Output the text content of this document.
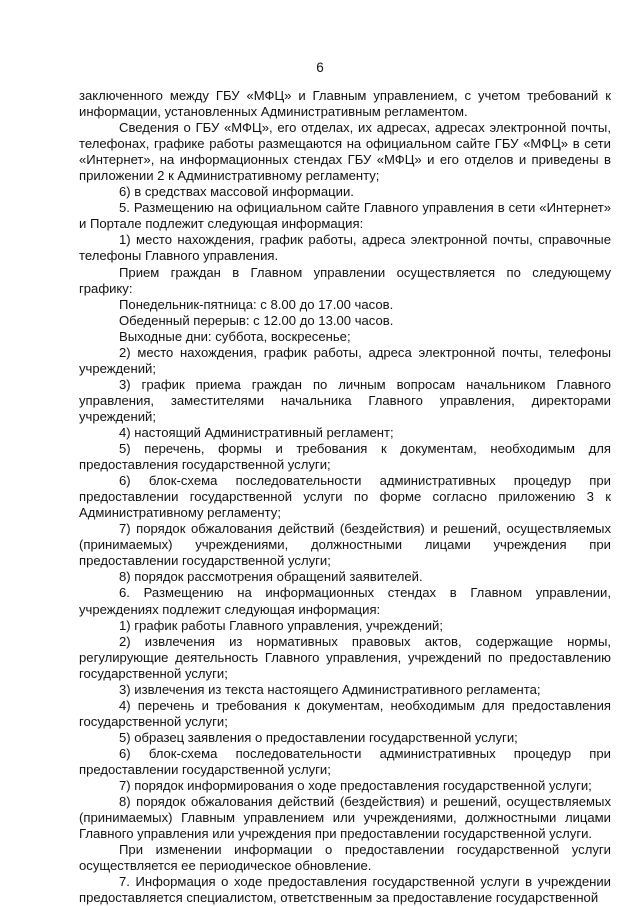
6

заключенного между ГБУ «МФЦ» и Главным управлением, с учетом требований к информации, установленных Административным регламентом.

Сведения о ГБУ «МФЦ», его отделах, их адресах, адресах электронной почты, телефонах, графике работы размещаются на официальном сайте ГБУ «МФЦ» в сети «Интернет», на информационных стендах ГБУ «МФЦ» и его отделов и приведены в приложении 2 к Административному регламенту;

6) в средствах массовой информации.

5. Размещению на официальном сайте Главного управления в сети «Интернет» и Портале подлежит следующая информация:

1) место нахождения, график работы, адреса электронной почты, справочные телефоны Главного управления.

Прием граждан в Главном управлении осуществляется по следующему графику:

Понедельник-пятница: с 8.00 до 17.00 часов.

Обеденный перерыв: с 12.00 до 13.00 часов.

Выходные дни: суббота, воскресенье;

2) место нахождения, график работы, адреса электронной почты, телефоны учреждений;

3) график приема граждан по личным вопросам начальником Главного управления, заместителями начальника Главного управления, директорами учреждений;

4) настоящий Административный регламент;

5) перечень, формы и требования к документам, необходимым для предоставления государственной услуги;

6) блок-схема последовательности административных процедур при предоставлении государственной услуги по форме согласно приложению 3 к Административному регламенту;

7) порядок обжалования действий (бездействия) и решений, осуществляемых (принимаемых) учреждениями, должностными лицами учреждения при предоставлении государственной услуги;

8) порядок рассмотрения обращений заявителей.

6. Размещению на информационных стендах в Главном управлении, учреждениях подлежит следующая информация:

1) график работы Главного управления, учреждений;

2) извлечения из нормативных правовых актов, содержащие нормы, регулирующие деятельность Главного управления, учреждений по предоставлению государственной услуги;

3) извлечения из текста настоящего Административного регламента;

4) перечень и требования к документам, необходимым для предоставления государственной услуги;

5) образец заявления о предоставлении государственной услуги;

6) блок-схема последовательности административных процедур при предоставлении государственной услуги;

7) порядок информирования о ходе предоставления государственной услуги;

8) порядок обжалования действий (бездействия) и решений, осуществляемых (принимаемых) Главным управлением или учреждениями, должностными лицами Главного управления или учреждения при предоставлении государственной услуги.

При изменении информации о предоставлении государственной услуги осуществляется ее периодическое обновление.

7. Информация о ходе предоставления государственной услуги в учреждении предоставляется специалистом, ответственным за предоставление государственной
